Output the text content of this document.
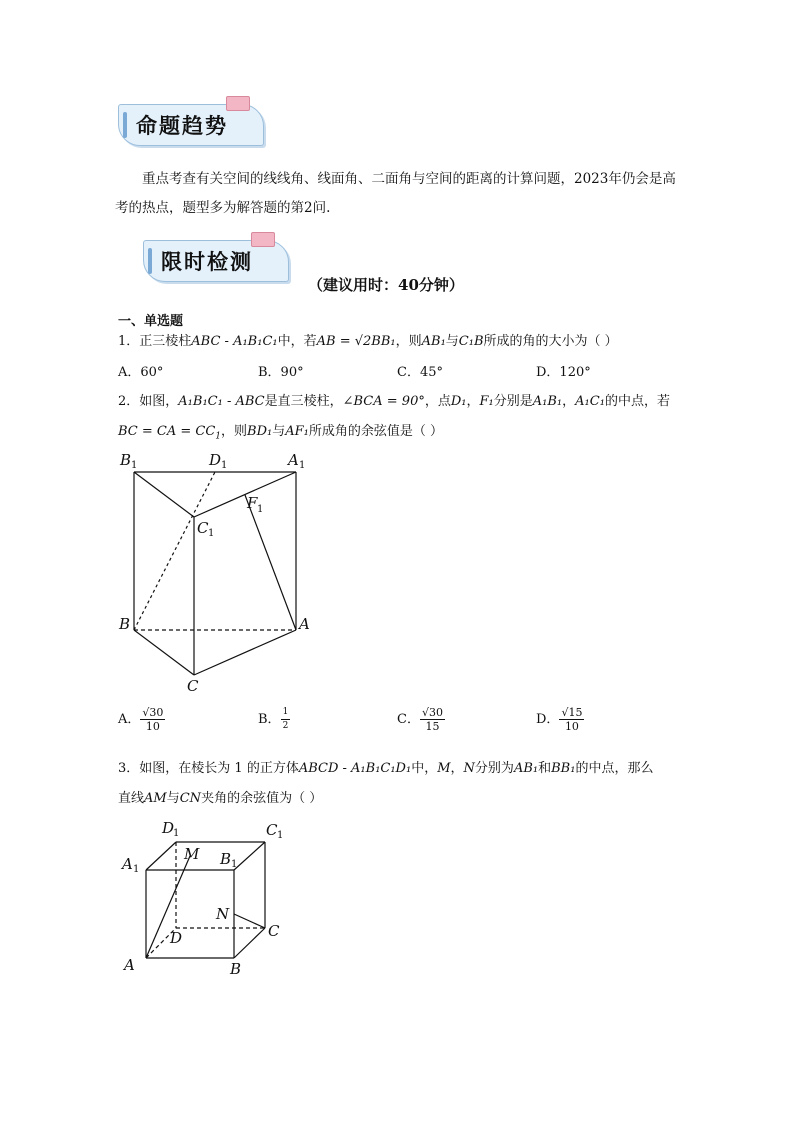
命题趋势
重点考查有关空间的线线角、线面角、二面角与空间的距离的计算问题，2023年仍会是高考的热点，题型多为解答题的第2问.
限时检测
（建议用时：40分钟）
一、单选题
1．正三棱柱ABC - A₁B₁C₁中，若AB = √2BB₁，则AB₁与C₁B所成的角的大小为（ ）
A．60°	B．90°	C．45°	D．120°
2．如图，A₁B₁C₁ - ABC是直三棱柱，∠BCA = 90°，点D₁，F₁分别是A₁B₁，A₁C₁的中点，若
BC = CA = $CC_1$，则BD₁与AF₁所成角的余弦值是（ ）
B 1	D 1	A 1
F 1
C 1
B	A
C
A． $\frac{√30}{10}$	B． $\frac{1}{2}$	C． $\frac{√30}{15}$	D． $\frac{√15}{10}$
3．如图，在棱长为 1 的正方体ABCD - A₁B₁C₁D₁中，M，N分别为AB₁和BB₁的中点，那么
直线AM与CN夹角的余弦值为（ ）
D
1	C 1
A 1
M B 1
N
D	C
A	B
